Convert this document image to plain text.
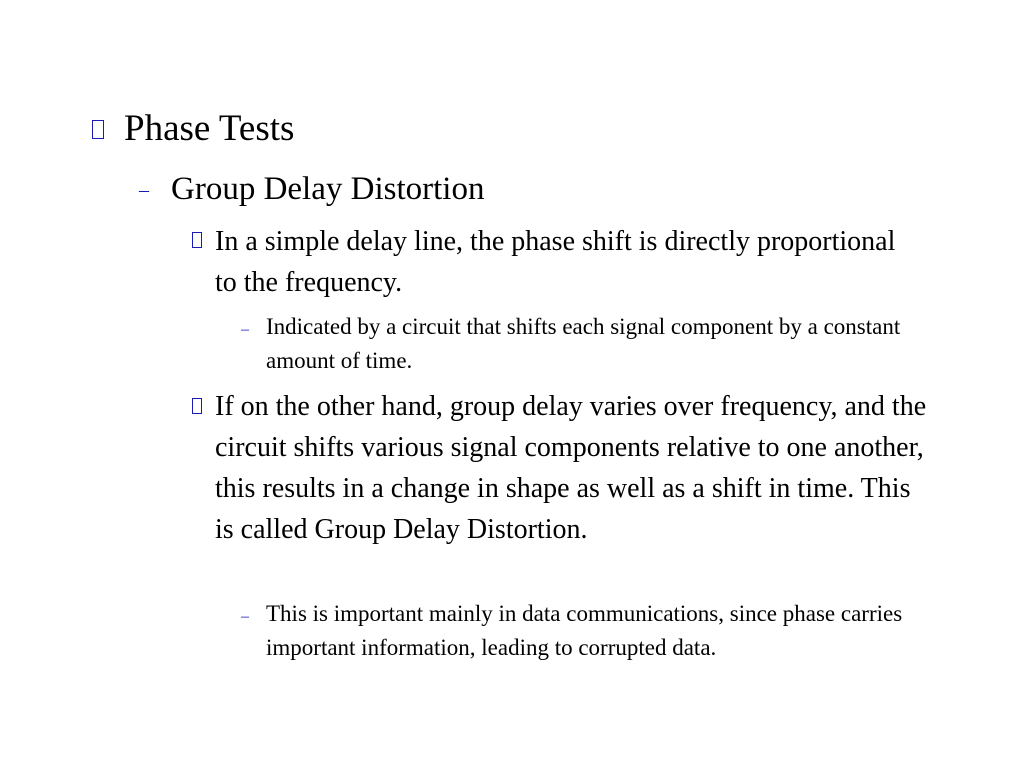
Phase Tests
– Group Delay Distortion
In a simple delay line, the phase shift is directly proportional to the frequency.
– Indicated by a circuit that shifts each signal component by a constant amount of time.
If on the other hand, group delay varies over frequency, and the circuit shifts various signal components relative to one another, this results in a change in shape as well as a shift in time. This is called Group Delay Distortion.
– This is important mainly in data communications, since phase carries important information, leading to corrupted data.
